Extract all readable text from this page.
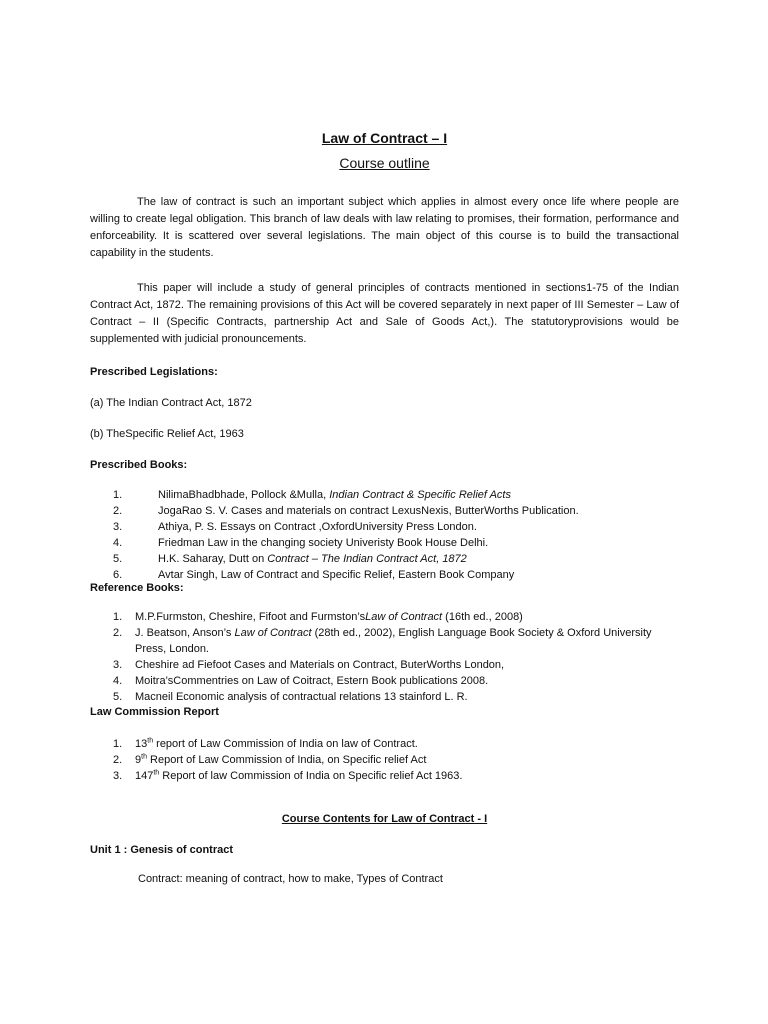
Law of Contract – I
Course outline

The law of contract is such an important subject which applies in almost every once life where people are willing to create legal obligation. This branch of law deals with law relating to promises, their formation, performance and enforceability. It is scattered over several legislations. The main object of this course is to build the transactional capability in the students.

This paper will include a study of general principles of contracts mentioned in sections1-75 of the Indian Contract Act, 1872. The remaining provisions of this Act will be covered separately in next paper of III Semester – Law of Contract – II (Specific Contracts, partnership Act and Sale of Goods Act,). The statutoryprovisions would be supplemented with judicial pronouncements.

Prescribed Legislations:

(a) The Indian Contract Act, 1872

(b) TheSpecific Relief Act, 1963

Prescribed Books:

1.	NilimaBhadbhade, Pollock &Mulla, Indian Contract & Specific Relief Acts
2.	JogaRao S. V. Cases and materials on contract LexusNexis, ButterWorths Publication.
3.	Athiya, P. S. Essays on Contract ,OxfordUniversity Press London.
4.	Friedman Law in the changing society Univeristy Book House Delhi.
5.	H.K. Saharay, Dutt on Contract – The Indian Contract Act, 1872
6.	Avtar Singh, Law of Contract and Specific Relief, Eastern Book Company

Reference Books:

1. M.P.Furmston, Cheshire, Fifoot and Furmston’sLaw of Contract (16th ed., 2008)
2. J. Beatson, Anson’s Law of Contract (28th ed., 2002), English Language Book Society & Oxford University Press, London.
3. Cheshire ad Fiefoot Cases and Materials on Contract, ButerWorths London,
4. Moitra’sCommentries on Law of Coitract, Estern Book publications 2008.
5. Macneil Economic analysis of contractual relations 13 stainford L. R.

Law Commission Report

1. 13th report of Law Commission of India on law of Contract.
2. 9th Report of Law Commission of India, on Specific relief Act
3. 147th Report of law Commission of India on Specific relief Act 1963.

Course Contents for Law of Contract - I

Unit 1 : Genesis of contract

Contract: meaning of contract, how to make, Types of Contract
